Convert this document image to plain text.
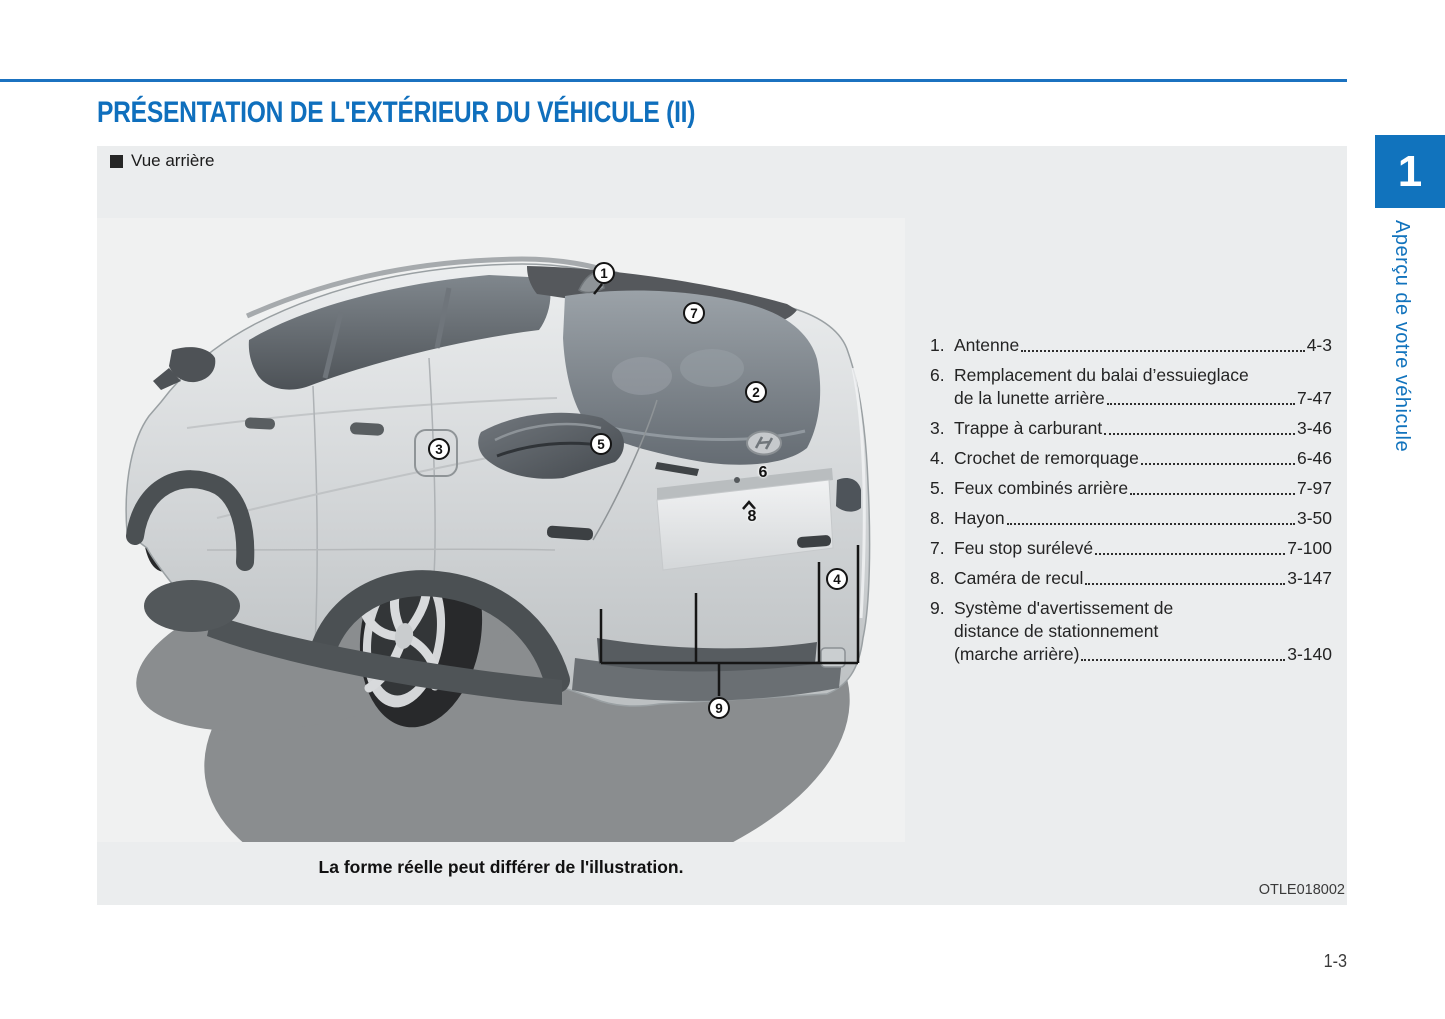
PRÉSENTATION DE L'EXTÉRIEUR DU VÉHICULE (II)
Vue arrière
1
7
2
5
3
6
8
4
9
La forme réelle peut différer de l'illustration.
OTLE018002
1. Antenne	4-3
6. Remplacement du balai d’essuieglace
de la lunette arrière	7-47
3. Trappe à carburant	3-46
4. Crochet de remorquage	6-46
5. Feux combinés arrière	7-97
8. Hayon	3-50
7. Feu stop surélevé	7-100
8. Caméra de recul	3-147
9. Système d'avertissement de
distance de stationnement
(marche arrière)	3-140
1
Aperçu de votre véhicule
1-3
